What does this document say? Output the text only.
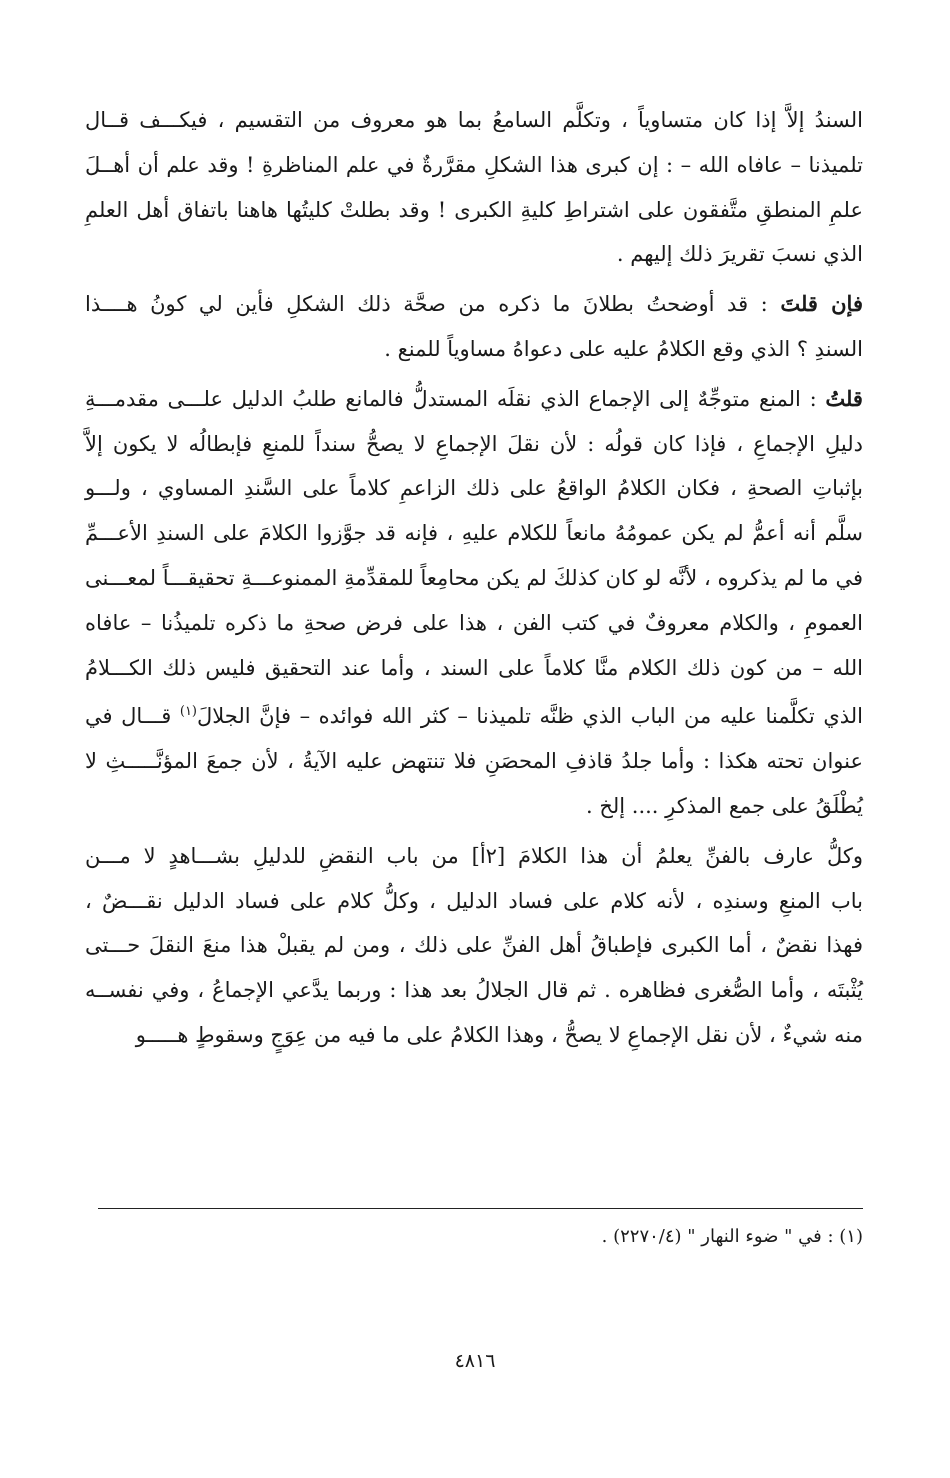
السندُ إلاَّ إذا كان متساوياً ، وتكلَّم السامعُ بما هو معروف من التقسيم ، فيكـــف قــال
تلميذنا – عافاه الله – : إن كبرى هذا الشكلِ مقرَّرةٌ في علم المناظرةِ ! وقد علم أن أهــلَ
علمِ المنطقِ متَّفقون على اشتراطِ كليةِ الكبرى ! وقد بطلتْ كليتُها هاهنا باتفاق أهل العلمِ
الذي نسبَ تقريرَ ذلك إليهم .

فإن قلتَ : قد أوضحتُ بطلانَ ما ذكره من صحَّة ذلك الشكلِ فأين لي كونُ هــــذا
السندِ ؟ الذي وقع الكلامُ عليه على دعواهُ مساوياً للمنع .

قلتُ : المنع متوجِّهٌ إلى الإجماع الذي نقلَه المستدلُّ فالمانع طلبُ الدليل علـــى مقدمـــةِ
دليلِ الإجماعِ ، فإذا كان قولُه : لأن نقلَ الإجماعِ لا يصحُّ سنداً للمنعِ فإبطالُه لا يكون إلاَّ
بإثباتِ الصحةِ ، فكان الكلامُ الواقعُ على ذلك الزاعمِ كلاماً على السَّندِ المساوي ، ولـــو
سلَّم أنه أعمُّ لم يكن عمومُهُ مانعاً للكلام عليهِ ، فإنه قد جوَّزوا الكلامَ على السندِ الأعـــمِّ
في ما لم يذكروه ، لأنَّه لو كان كذلكَ لم يكن محامِعاً للمقدِّمةِ الممنوعـــةِ تحقيقـــاً لمعـــنى
العمومِ ، والكلام معروفٌ في كتب الفن ، هذا على فرض صحةِ ما ذكره تلميذُنا – عافاه
الله – من كون ذلك الكلام منَّا كلاماً على السند ، وأما عند التحقيق فليس ذلك الكـــلامُ
الذي تكلَّمنا عليه من الباب الذي ظنَّه تلميذنا – كثر الله فوائده – فإنَّ الجلالَ$^{(١)}$ قـــال في
عنوان تحته هكذا : وأما جلدُ قاذفِ المحصَنِ فلا تنتهض عليه الآيةُ ، لأن جمعَ المؤنَّـــــثِ لا
يُطْلَقُ على جمع المذكرِ .... إلخ .

وكلُّ عارف بالفنِّ يعلمُ أن هذا الكلامَ [٢أ] من باب النقضِ للدليلِ بشـــاهدٍ لا مـــن
باب المنعِ وسندِه ، لأنه كلام على فساد الدليل ، وكلُّ كلام على فساد الدليل نقـــضٌ ،
فهذا نقضٌ ، أما الكبرى فإطباقُ أهل الفنِّ على ذلك ، ومن لم يقبلْ هذا منعَ النقلَ حـــتى
يُثْبتَه ، وأما الصُّغرى فظاهره . ثم قال الجلالُ بعد هذا : وربما يدَّعي الإجماعُ ، وفي نفســه
منه شيءٌ ، لأن نقل الإجماعِ لا يصحُّ ، وهذا الكلامُ على ما فيه من عِوَجٍ وسقوطٍ هـــــو

(١) : في " ضوء النهار " (٢٢٧٠/٤) .
٤٨١٦
